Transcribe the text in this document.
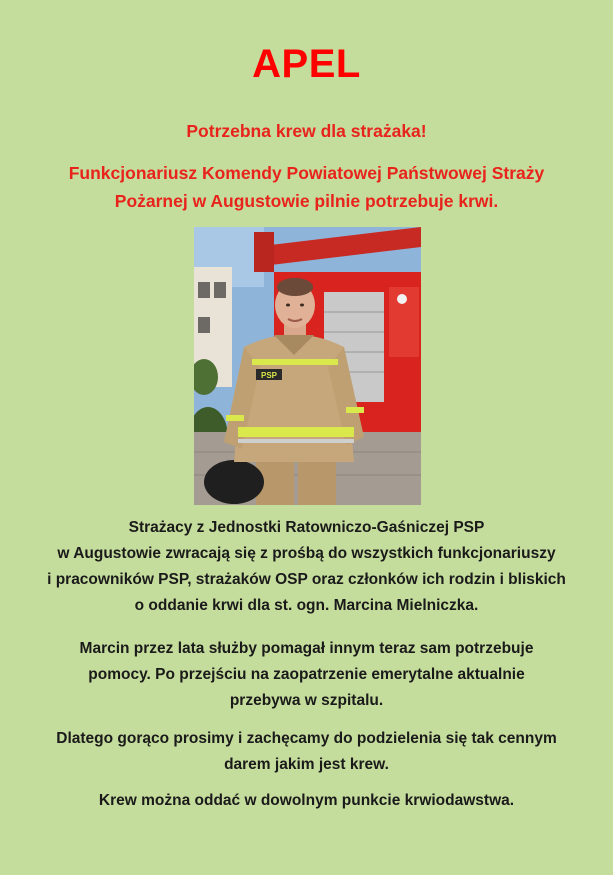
APEL
Potrzebna krew dla strażaka!
Funkcjonariusz Komendy Powiatowej Państwowej Straży
Pożarnej w Augustowie pilnie potrzebuje krwi.
PSP
Strażacy z Jednostki Ratowniczo-Gaśniczej PSP
w Augustowie zwracają się z prośbą do wszystkich funkcjonariuszy
i pracowników PSP, strażaków OSP oraz członków ich rodzin i bliskich
o oddanie krwi dla st. ogn. Marcina Mielniczka.
Marcin przez lata służby pomagał innym teraz sam potrzebuje
pomocy. Po przejściu na zaopatrzenie emerytalne aktualnie
przebywa w szpitalu.
Dlatego gorąco prosimy i zachęcamy do podzielenia się tak cennym
darem jakim jest krew.
Krew można oddać w dowolnym punkcie krwiodawstwa.
